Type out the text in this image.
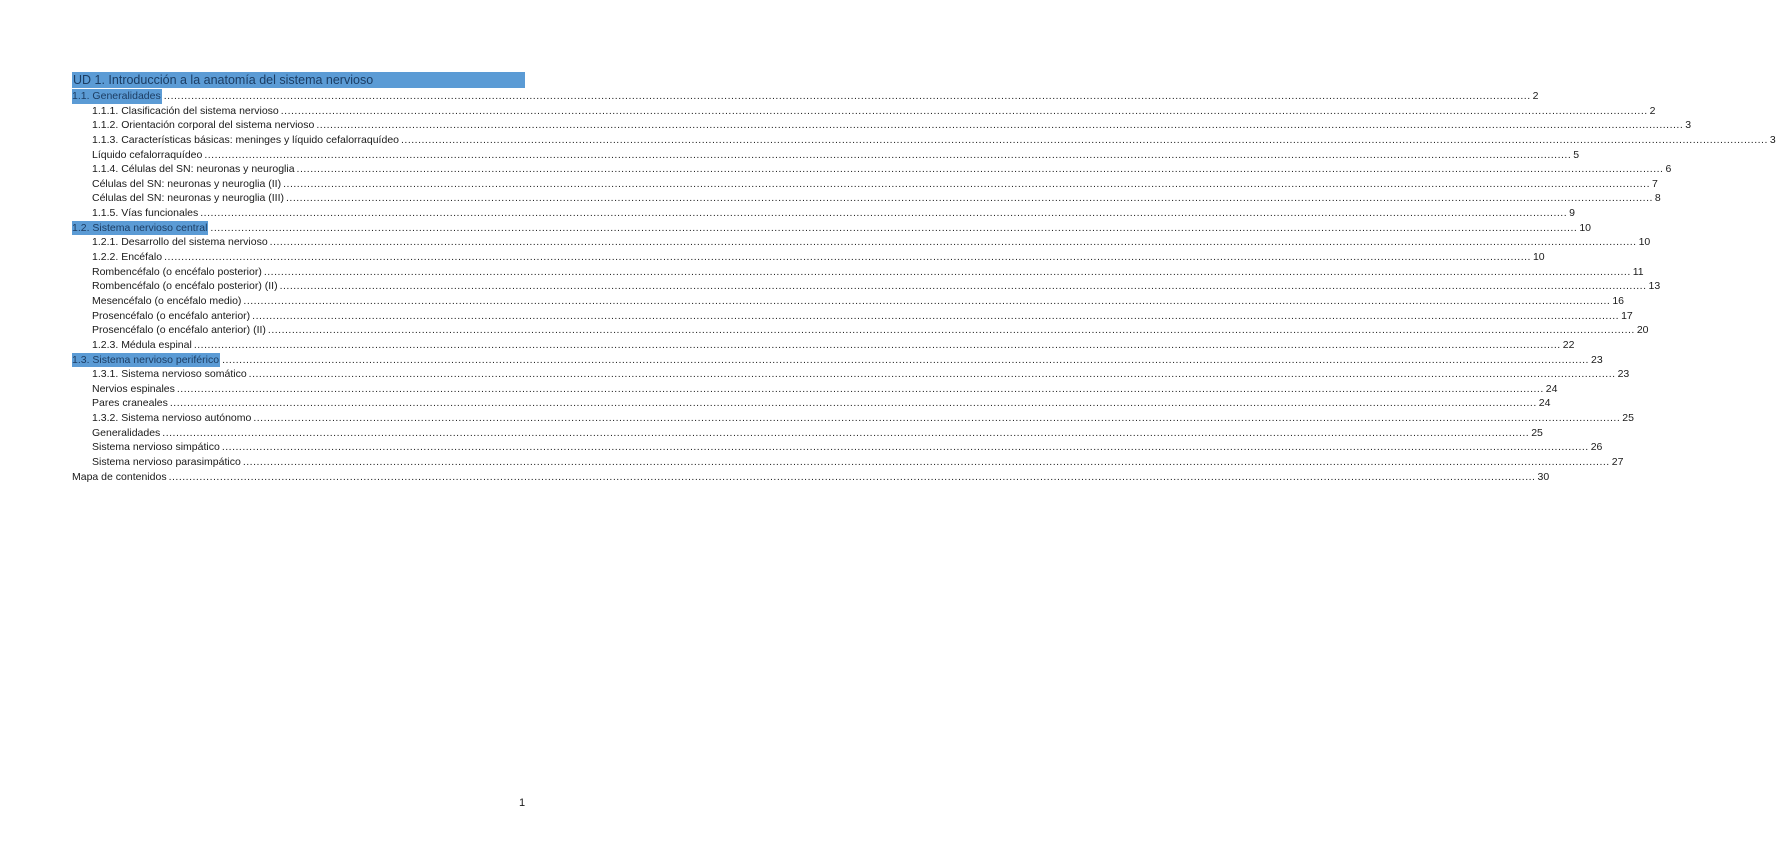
UD 1. Introducción a la anatomía del sistema nervioso
1.1. Generalidades ................................................................................................................................................................................................................................................................................................................................................................................................................ 2
1.1.1. Clasificación del sistema nervioso ................................................................................................................................................................................................................................................................................................................................................................................................................ 2
1.1.2. Orientación corporal del sistema nervioso ................................................................................................................................................................................................................................................................................................................................................................................................................ 3
1.1.3. Características básicas: meninges y líquido cefalorraquídeo ................................................................................................................................................................................................................................................................................................................................................................................................................ 3
Líquido cefalorraquídeo ................................................................................................................................................................................................................................................................................................................................................................................................................ 5
1.1.4. Células del SN: neuronas y neuroglia ................................................................................................................................................................................................................................................................................................................................................................................................................ 6
Células del SN: neuronas y neuroglia (II) ................................................................................................................................................................................................................................................................................................................................................................................................................ 7
Células del SN: neuronas y neuroglia (III) ................................................................................................................................................................................................................................................................................................................................................................................................................ 8
1.1.5. Vías funcionales ................................................................................................................................................................................................................................................................................................................................................................................................................ 9
1.2. Sistema nervioso central ................................................................................................................................................................................................................................................................................................................................................................................................................ 10
1.2.1. Desarrollo del sistema nervioso ................................................................................................................................................................................................................................................................................................................................................................................................................ 10
1.2.2. Encéfalo ................................................................................................................................................................................................................................................................................................................................................................................................................ 10
Rombencéfalo (o encéfalo posterior) ................................................................................................................................................................................................................................................................................................................................................................................................................ 11
Rombencéfalo (o encéfalo posterior) (II) ................................................................................................................................................................................................................................................................................................................................................................................................................ 13
Mesencéfalo (o encéfalo medio) ................................................................................................................................................................................................................................................................................................................................................................................................................ 16
Prosencéfalo (o encéfalo anterior) ................................................................................................................................................................................................................................................................................................................................................................................................................ 17
Prosencéfalo (o encéfalo anterior) (II) ................................................................................................................................................................................................................................................................................................................................................................................................................ 20
1.2.3. Médula espinal ................................................................................................................................................................................................................................................................................................................................................................................................................ 22
1.3. Sistema nervioso periférico ................................................................................................................................................................................................................................................................................................................................................................................................................ 23
1.3.1. Sistema nervioso somático ................................................................................................................................................................................................................................................................................................................................................................................................................ 23
Nervios espinales ................................................................................................................................................................................................................................................................................................................................................................................................................ 24
Pares craneales ................................................................................................................................................................................................................................................................................................................................................................................................................ 24
1.3.2. Sistema nervioso autónomo ................................................................................................................................................................................................................................................................................................................................................................................................................ 25
Generalidades ................................................................................................................................................................................................................................................................................................................................................................................................................ 25
Sistema nervioso simpático ................................................................................................................................................................................................................................................................................................................................................................................................................ 26
Sistema nervioso parasimpático ................................................................................................................................................................................................................................................................................................................................................................................................................ 27
Mapa de contenidos ................................................................................................................................................................................................................................................................................................................................................................................................................ 30
1
